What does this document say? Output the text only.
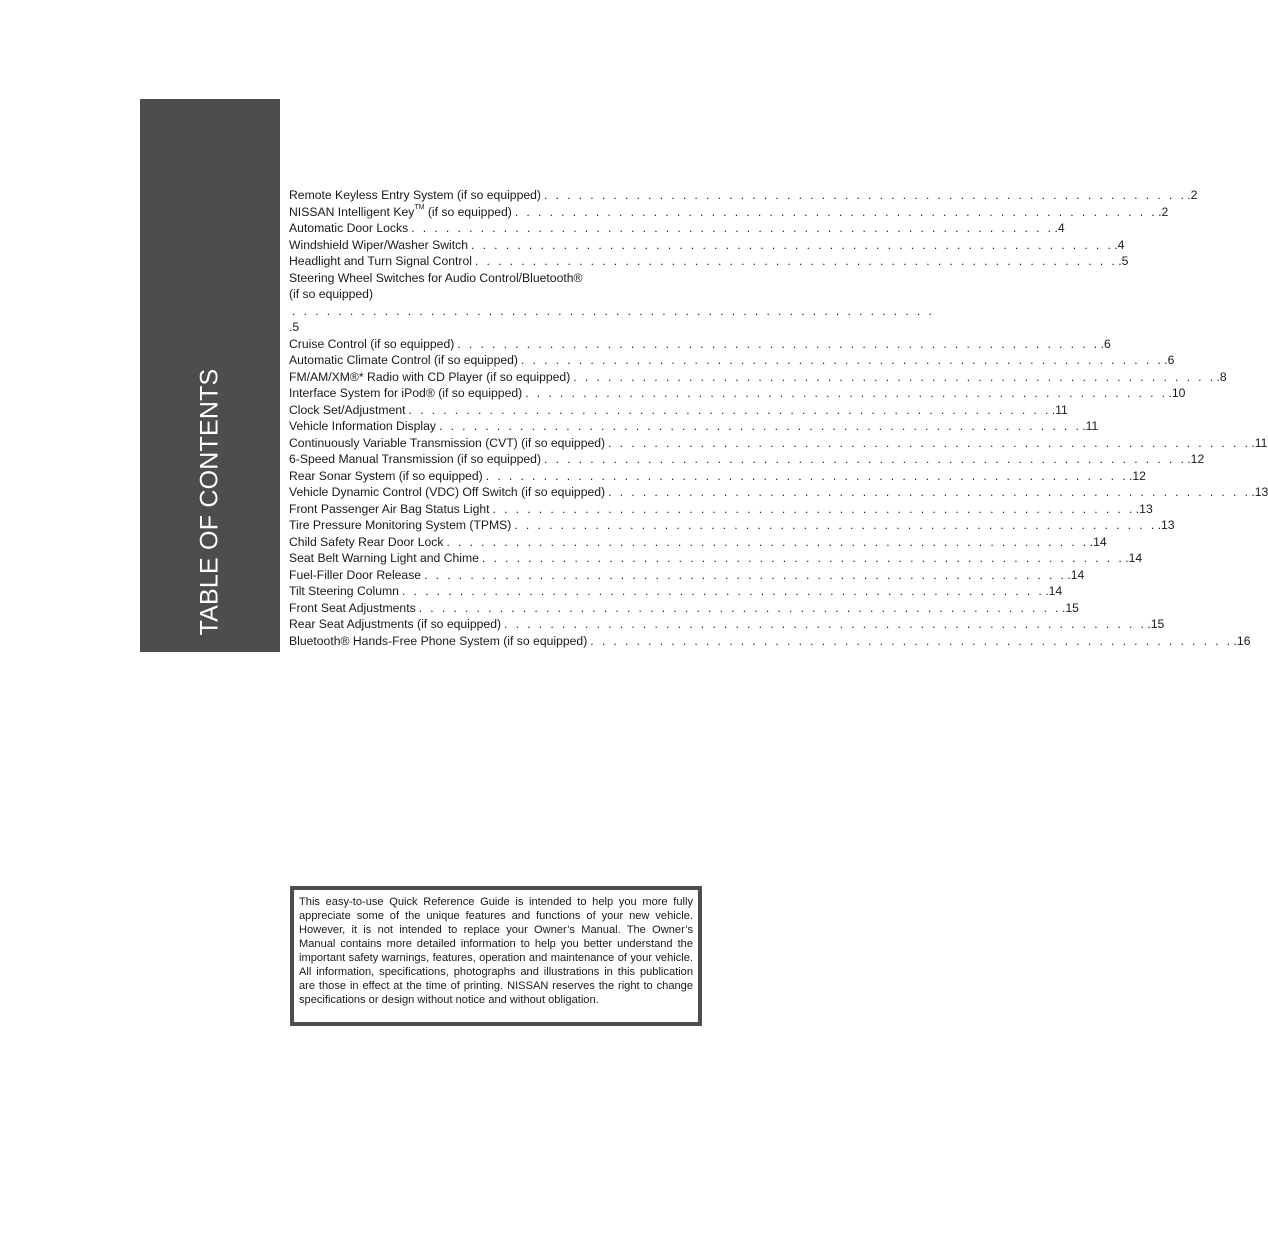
TABLE OF CONTENTS
Remote Keyless Entry System (if so equipped) . . . . . . . . . . . . . . . . . . . . . . . . . . . . . . . . . . . . . . . . . . . . . . . . . . . . . . . . .2
NISSAN Intelligent Key™ (if so equipped) . . . . . . . . . . . . . . . . . . . . . . . . . . . . . . . . . . . . . . . . . . . . . . . . . . . . . . . . .2
Automatic Door Locks . . . . . . . . . . . . . . . . . . . . . . . . . . . . . . . . . . . . . . . . . . . . . . . . . . . . . . . . .4
Windshield Wiper/Washer Switch . . . . . . . . . . . . . . . . . . . . . . . . . . . . . . . . . . . . . . . . . . . . . . . . . . . . . . . . .4
Headlight and Turn Signal Control . . . . . . . . . . . . . . . . . . . . . . . . . . . . . . . . . . . . . . . . . . . . . . . . . . . . . . . . .5
Steering Wheel Switches for Audio Control/Bluetooth®
(if so equipped)
. . . . . . . . . . . . . . . . . . . . . . . . . . . . . . . . . . . . . . . . . . . . . . . . . . . . . . . .
.5
Cruise Control (if so equipped) . . . . . . . . . . . . . . . . . . . . . . . . . . . . . . . . . . . . . . . . . . . . . . . . . . . . . . . . .6
Automatic Climate Control (if so equipped) . . . . . . . . . . . . . . . . . . . . . . . . . . . . . . . . . . . . . . . . . . . . . . . . . . . . . . . . .6
FM/AM/XM®* Radio with CD Player (if so equipped) . . . . . . . . . . . . . . . . . . . . . . . . . . . . . . . . . . . . . . . . . . . . . . . . . . . . . . . . .8
Interface System for iPod® (if so equipped) . . . . . . . . . . . . . . . . . . . . . . . . . . . . . . . . . . . . . . . . . . . . . . . . . . . . . . . . .10
Clock Set/Adjustment . . . . . . . . . . . . . . . . . . . . . . . . . . . . . . . . . . . . . . . . . . . . . . . . . . . . . . . . .11
Vehicle Information Display . . . . . . . . . . . . . . . . . . . . . . . . . . . . . . . . . . . . . . . . . . . . . . . . . . . . . . . . .11
Continuously Variable Transmission (CVT) (if so equipped) . . . . . . . . . . . . . . . . . . . . . . . . . . . . . . . . . . . . . . . . . . . . . . . . . . . . . . . . .11
6-Speed Manual Transmission (if so equipped) . . . . . . . . . . . . . . . . . . . . . . . . . . . . . . . . . . . . . . . . . . . . . . . . . . . . . . . . .12
Rear Sonar System (if so equipped) . . . . . . . . . . . . . . . . . . . . . . . . . . . . . . . . . . . . . . . . . . . . . . . . . . . . . . . . .12
Vehicle Dynamic Control (VDC) Off Switch (if so equipped) . . . . . . . . . . . . . . . . . . . . . . . . . . . . . . . . . . . . . . . . . . . . . . . . . . . . . . . . .13
Front Passenger Air Bag Status Light . . . . . . . . . . . . . . . . . . . . . . . . . . . . . . . . . . . . . . . . . . . . . . . . . . . . . . . . .13
Tire Pressure Monitoring System (TPMS) . . . . . . . . . . . . . . . . . . . . . . . . . . . . . . . . . . . . . . . . . . . . . . . . . . . . . . . . .13
Child Safety Rear Door Lock . . . . . . . . . . . . . . . . . . . . . . . . . . . . . . . . . . . . . . . . . . . . . . . . . . . . . . . . .14
Seat Belt Warning Light and Chime . . . . . . . . . . . . . . . . . . . . . . . . . . . . . . . . . . . . . . . . . . . . . . . . . . . . . . . . .14
Fuel-Filler Door Release . . . . . . . . . . . . . . . . . . . . . . . . . . . . . . . . . . . . . . . . . . . . . . . . . . . . . . . . .14
Tilt Steering Column . . . . . . . . . . . . . . . . . . . . . . . . . . . . . . . . . . . . . . . . . . . . . . . . . . . . . . . . .14
Front Seat Adjustments . . . . . . . . . . . . . . . . . . . . . . . . . . . . . . . . . . . . . . . . . . . . . . . . . . . . . . . . .15
Rear Seat Adjustments (if so equipped) . . . . . . . . . . . . . . . . . . . . . . . . . . . . . . . . . . . . . . . . . . . . . . . . . . . . . . . . .15
Bluetooth® Hands-Free Phone System (if so equipped) . . . . . . . . . . . . . . . . . . . . . . . . . . . . . . . . . . . . . . . . . . . . . . . . . . . . . . . . .16
This easy-to-use Quick Reference Guide is intended to help you more fully appreciate some of the unique features and functions of your new vehicle. However, it is not intended to replace your Owner’s Manual. The Owner’s Manual contains more detailed information to help you better understand the important safety warnings, features, operation and maintenance of your vehicle. All information, specifications, photographs and illustrations in this publication are those in effect at the time of printing. NISSAN reserves the right to change specifications or design without notice and without obligation.
